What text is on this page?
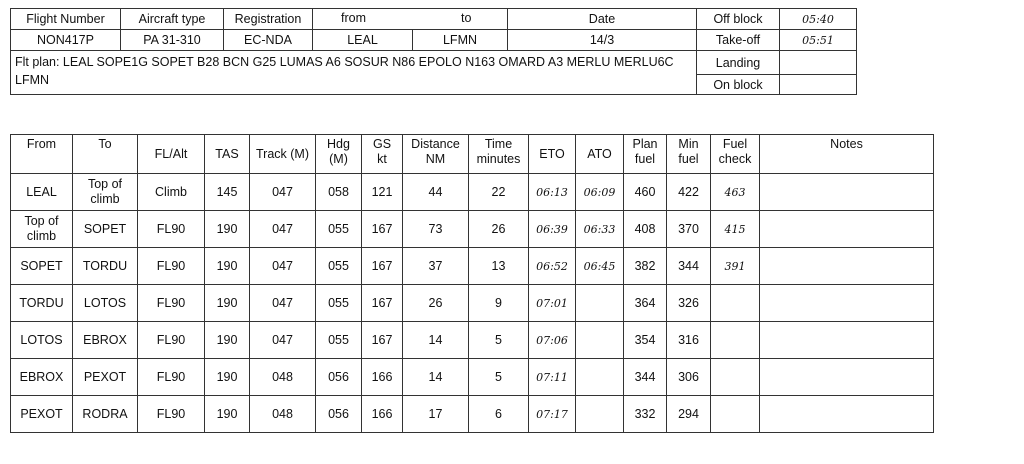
Flight Number	Aircraft type	Registration	from to		Date	Off block	05:40
NON417P	PA 31-310	EC-NDA	LEAL	LFMN	14/3	Take-off	05:51
Flt plan: LEAL SOPE1G SOPET B28 BCN G25 LUMAS A6 SOSUR N86 EPOLO N163 OMARD A3 MERLU MERLU6C LFMN						Landing	
						On block	
From	To	FL/Alt	TAS	Track (M)	Hdg (M)	GS kt	Distance NM	Time minutes	ETO	ATO	Plan fuel	Min fuel	Fuel check	Notes
LEAL	Top of climb	Climb	145	047	058	121	44	22	06:13	06:09	460	422	463	
Top of climb	SOPET	FL90	190	047	055	167	73	26	06:39	06:33	408	370	415	
SOPET	TORDU	FL90	190	047	055	167	37	13	06:52	06:45	382	344	391	
TORDU	LOTOS	FL90	190	047	055	167	26	9	07:01		364	326		
LOTOS	EBROX	FL90	190	047	055	167	14	5	07:06		354	316		
EBROX	PEXOT	FL90	190	048	056	166	14	5	07:11		344	306		
PEXOT	RODRA	FL90	190	048	056	166	17	6	07:17		332	294		
